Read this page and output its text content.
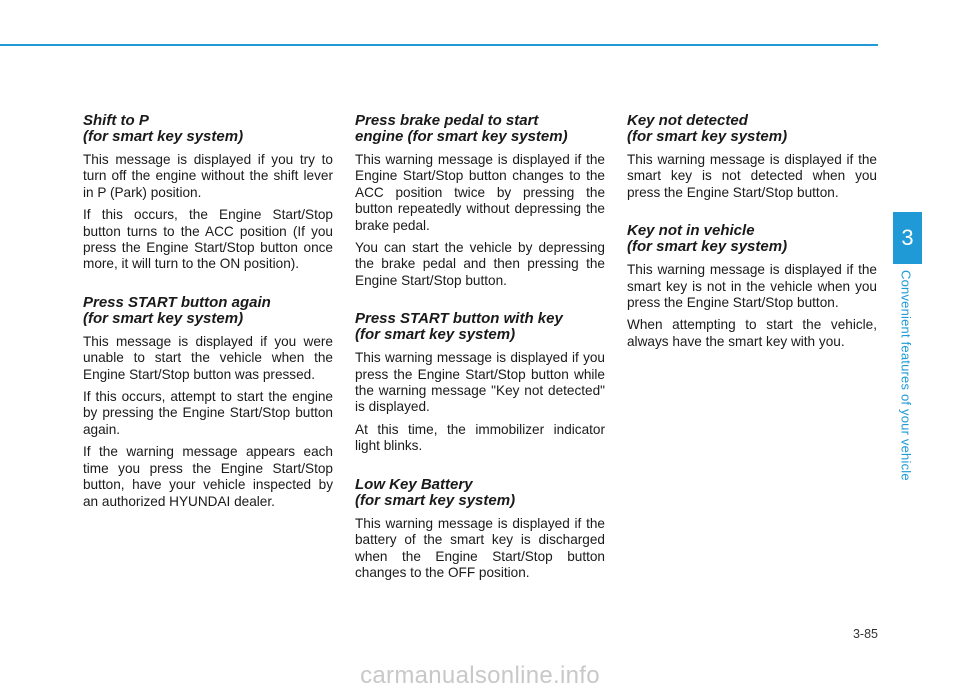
Shift to P
(for smart key system)

This message is displayed if you try to turn off the engine without the shift lever in P (Park) position.

If this occurs, the Engine Start/Stop button turns to the ACC position (If you press the Engine Start/Stop button once more, it will turn to the ON position).

Press START button again
(for smart key system)

This message is displayed if you were unable to start the vehicle when the Engine Start/Stop button was pressed.

If this occurs, attempt to start the engine by pressing the Engine Start/Stop button again.

If the warning message appears each time you press the Engine Start/Stop button, have your vehicle inspected by an authorized HYUNDAI dealer.

Press brake pedal to start
engine (for smart key system)

This warning message is displayed if the Engine Start/Stop button changes to the ACC position twice by pressing the button repeatedly without depressing the brake pedal.

You can start the vehicle by depressing the brake pedal and then pressing the Engine Start/Stop button.

Press START button with key
(for smart key system)

This warning message is displayed if you press the Engine Start/Stop button while the warning message "Key not detected" is displayed.

At this time, the immobilizer indicator light blinks.

Low Key Battery
(for smart key system)

This warning message is displayed if the battery of the smart key is discharged when the Engine Start/Stop button changes to the OFF position.

Key not detected
(for smart key system)

This warning message is displayed if the smart key is not detected when you press the Engine Start/Stop button.

Key not in vehicle
(for smart key system)

This warning message is displayed if the smart key is not in the vehicle when you press the Engine Start/Stop button.

When attempting to start the vehicle, always have the smart key with you.

3
Convenient features of your vehicle
3-85
carmanualsonline.info
